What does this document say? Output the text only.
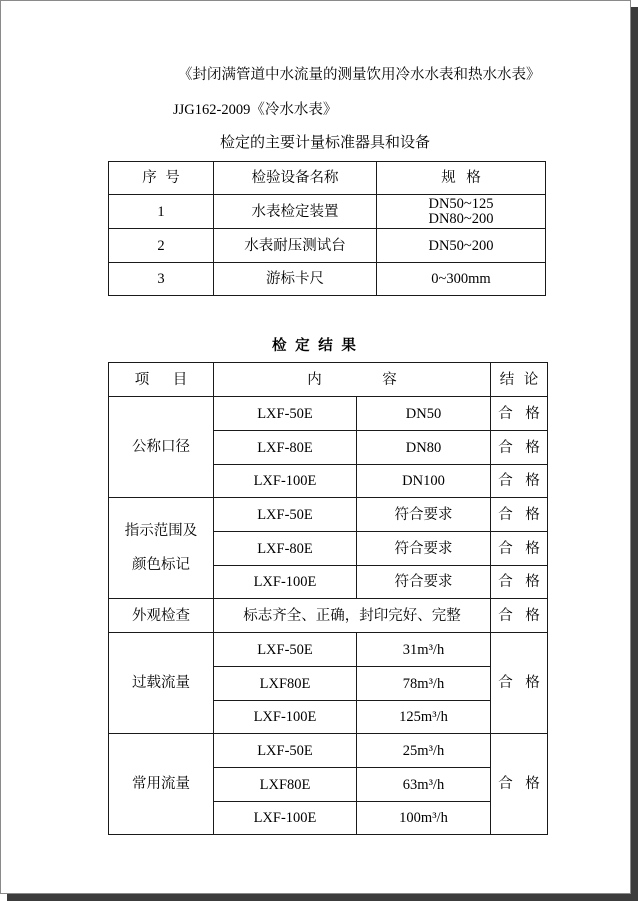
《封闭满管道中水流量的测量饮用冷水水表和热水水表》
JJG162-2009《冷水水表》
检定的主要计量标准器具和设备
序 号	检验设备名称	规 格
1	水表检定装置	DN50~125
DN80~200

2	水表耐压测试台	DN50~200
3	游标卡尺	0~300mm
检 定 结 果
项 目	内 容		结 论
公称口径	LXF-50E	DN50	合 格
	LXF-80E	DN80	合 格
	LXF-100E	DN100	合 格

指示范围及
颜色标记	LXF-50E	符合要求	合 格
	LXF-80E	符合要求	合 格
	LXF-100E	符合要求	合 格
外观检查	标志齐全、正确，封印完好、完整		合 格
过载流量	LXF-50E	31m³/h	合 格
	LXF80E	78m³/h	
	LXF-100E	125m³/h	
常用流量	LXF-50E	25m³/h	合 格
	LXF80E	63m³/h	
	LXF-100E	100m³/h	
